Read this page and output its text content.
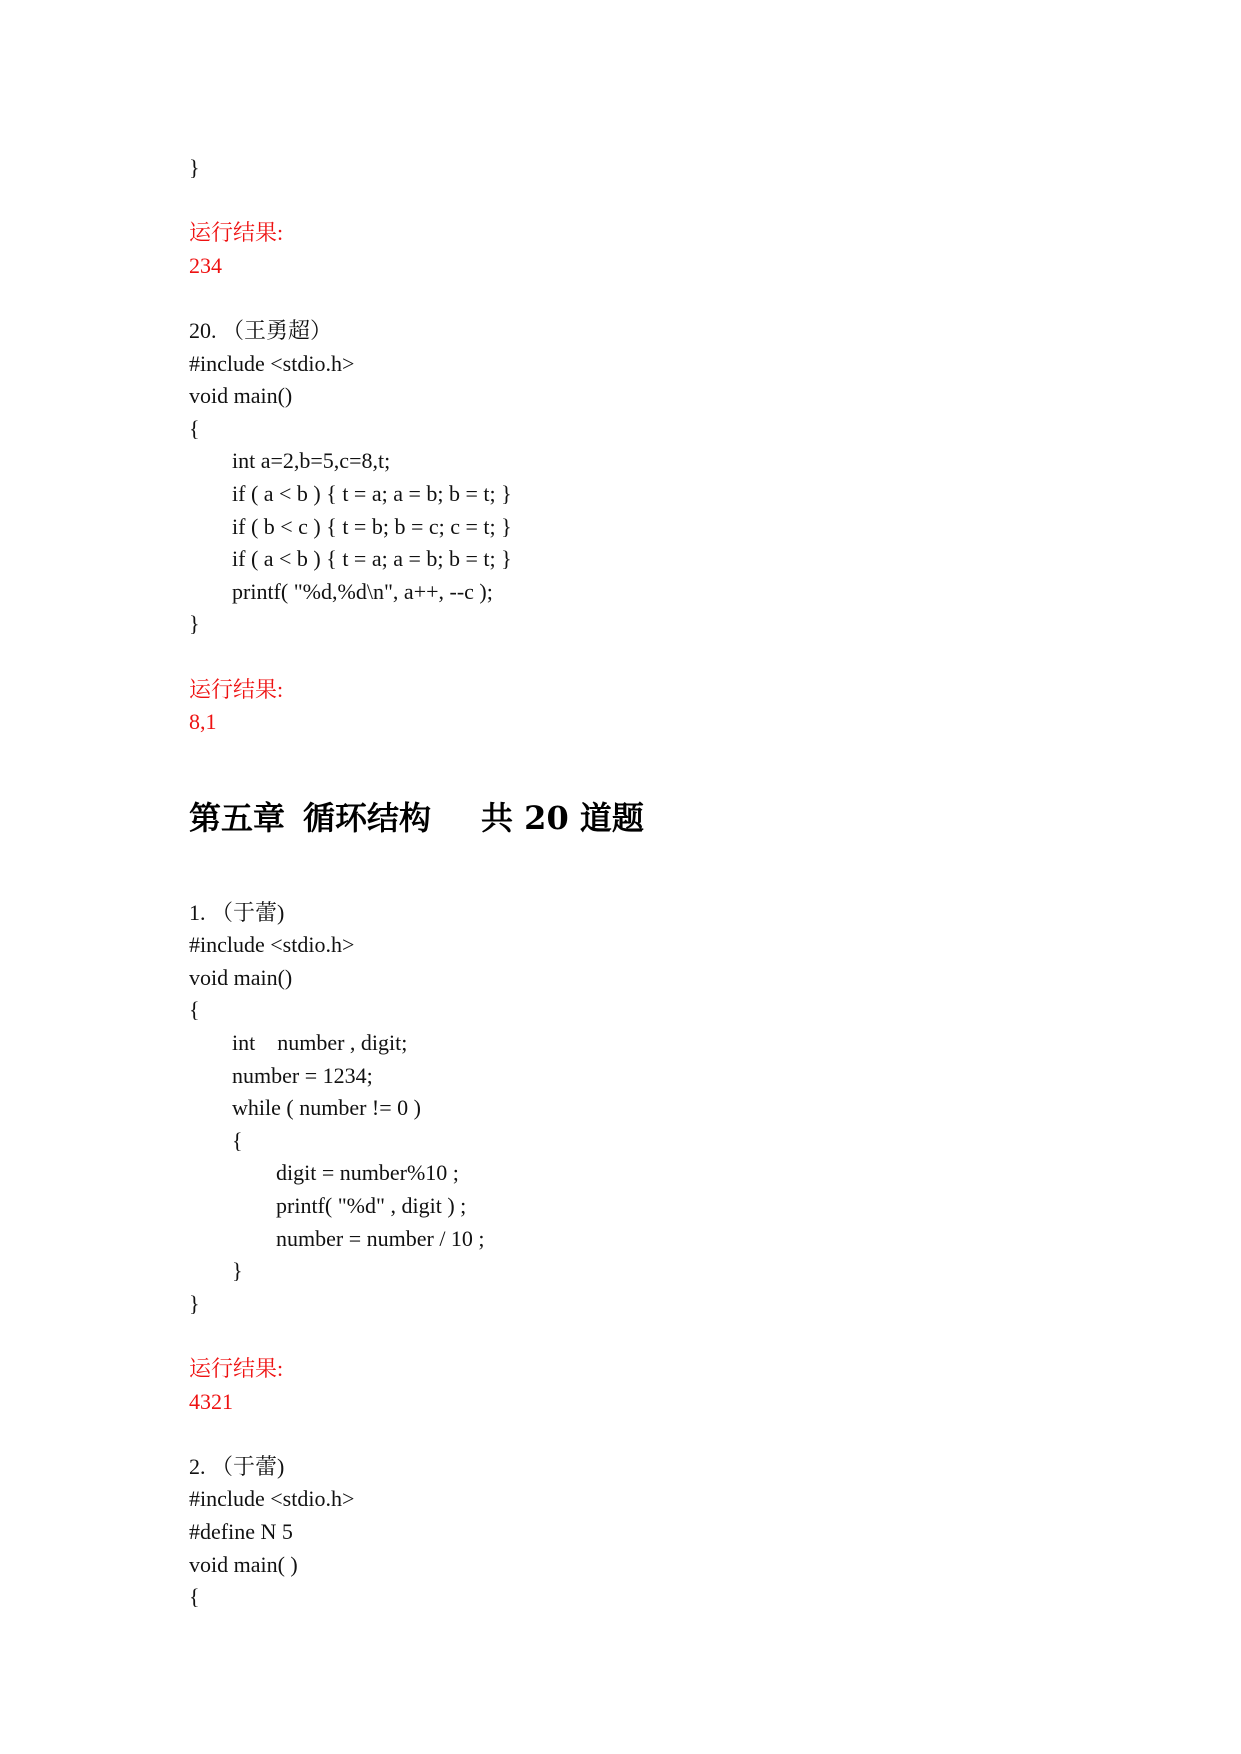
}
运行结果:
234
20. （王勇超）
#include <stdio.h>
void main()
{
int a=2,b=5,c=8,t;
if ( a < b ) { t = a; a = b; b = t; }
if ( b < c ) { t = b; b = c; c = t; }
if ( a < b ) { t = a; a = b; b = t; }
printf( "%d,%d\n", a++, --c );
}
运行结果:
8,1
第五章 循环结构 共 20 道题
1. （于蕾)
#include <stdio.h>
void main()
{
int    number , digit;
number = 1234;
while ( number != 0 )
{
digit = number%10 ;
printf( "%d" , digit ) ;
number = number / 10 ;
}
}
运行结果:
4321
2. （于蕾)
#include <stdio.h>
#define N 5
void main( )
{
